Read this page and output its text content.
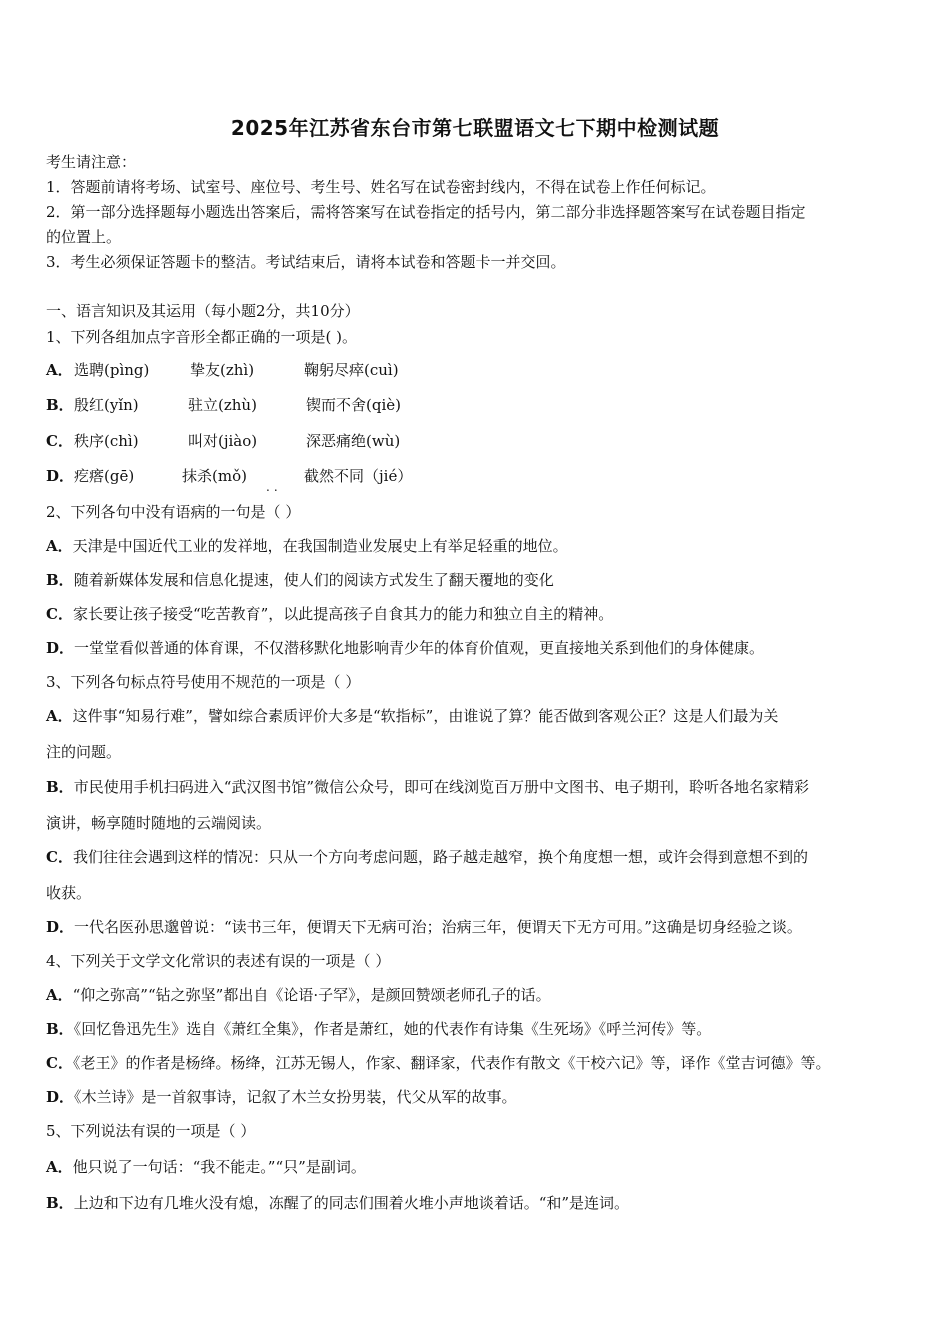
2025年江苏省东台市第七联盟语文七下期中检测试题
考生请注意：
1．答题前请将考场、试室号、座位号、考生号、姓名写在试卷密封线内，不得在试卷上作任何标记。
2．第一部分选择题每小题选出答案后，需将答案写在试卷指定的括号内，第二部分非选择题答案写在试卷题目指定
的位置上。
3．考生必须保证答题卡的整洁。考试结束后，请将本试卷和答题卡一并交回。
一、语言知识及其运用（每小题2分，共10分）
1、下列各组加点字音形全都正确的一项是( )。
A． 选聘(pìng)	挚友(zhì)	鞠躬尽瘁(cuì)
B． 殷红(yǐn)	驻立(zhù)	锲而不舍(qiè)
C． 秩序(chì)	叫对(jiào)	深恶痛绝(wù)
D． 疙瘩(gē)	抹杀(mǒ)	截然不同（jié）
..
2、下列各句中没有语病的一句是（ ）
A．天津是中国近代工业的发祥地，在我国制造业发展史上有举足轻重的地位。
B．随着新媒体发展和信息化提速，使人们的阅读方式发生了翻天覆地的变化
C．家长要让孩子接受“吃苦教育”，以此提高孩子自食其力的能力和独立自主的精神。
D．一堂堂看似普通的体育课，不仅潜移默化地影响青少年的体育价值观，更直接地关系到他们的身体健康。
3、下列各句标点符号使用不规范的一项是（ ）
A．这件事“知易行难”，譬如综合素质评价大多是“软指标”，由谁说了算？能否做到客观公正？这是人们最为关
注的问题。
B．市民使用手机扫码进入“武汉图书馆”微信公众号，即可在线浏览百万册中文图书、电子期刊，聆听各地名家精彩
演讲，畅享随时随地的云端阅读。
C．我们往往会遇到这样的情况：只从一个方向考虑问题，路子越走越窄，换个角度想一想，或许会得到意想不到的
收获。
D．一代名医孙思邈曾说：“读书三年，便谓天下无病可治；治病三年，便谓天下无方可用。”这确是切身经验之谈。
4、下列关于文学文化常识的表述有误的一项是（ ）
A．“仰之弥高”“钻之弥坚”都出自《论语·子罕》，是颜回赞颂老师孔子的话。
B．《回忆鲁迅先生》选自《萧红全集》，作者是萧红，她的代表作有诗集《生死场》《呼兰河传》等。
C．《老王》的作者是杨绛。杨绛，江苏无锡人，作家、翻译家，代表作有散文《干校六记》等，译作《堂吉诃德》等。
D．《木兰诗》是一首叙事诗，记叙了木兰女扮男装，代父从军的故事。
5、下列说法有误的一项是（ ）
A．他只说了一句话：“我不能走。”“只”是副词。
B．上边和下边有几堆火没有熄，冻醒了的同志们围着火堆小声地谈着话。“和”是连词。
